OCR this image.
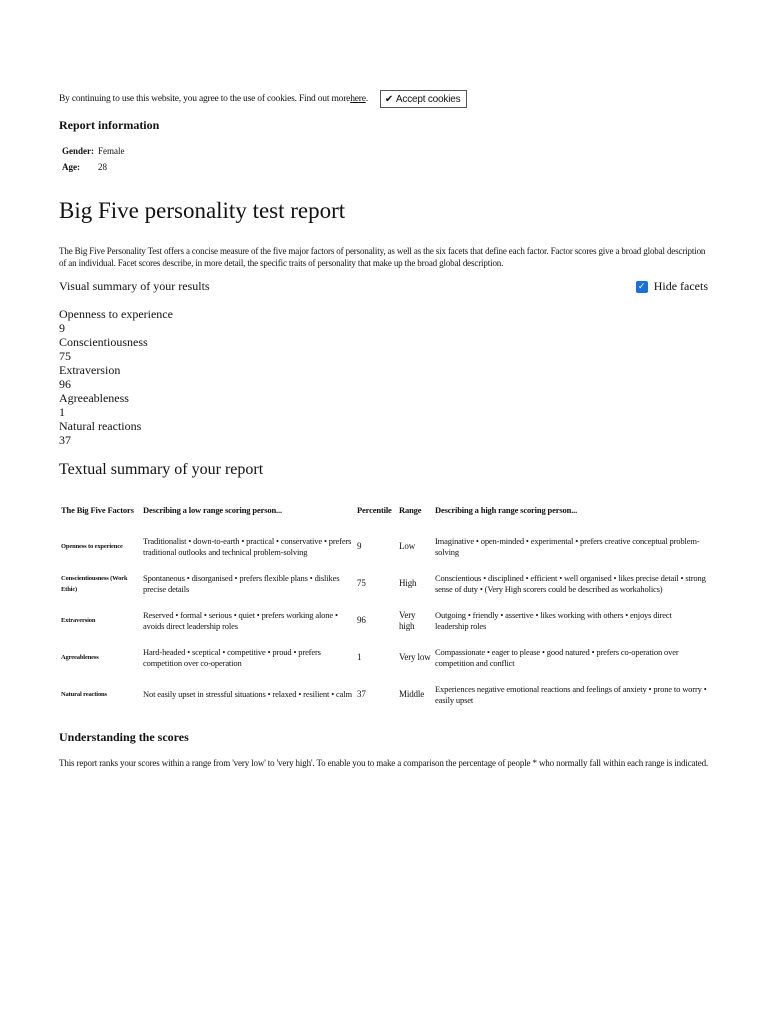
By continuing to use this website, you agree to the use of cookies. Find out more here . ✔ Accept cookies
Report information
Gender:	Female
Age:	28
Big Five personality test report

The Big Five Personality Test offers a concise measure of the five major factors of personality, as well as the six facets that define each factor. Factor scores give a broad global description of an individual. Facet scores describe, in more detail, the specific traits of personality that make up the broad global description.

Visual summary of your results	✓ Hide facets
Openness to experience
9
Conscientiousness
75
Extraversion
96
Agreeableness
1
Natural reactions
37
Textual summary of your report
The Big Five Factors	Describing a low range scoring person...	Percentile	Range	Describing a high range scoring person...
Openness to experience	Traditionalist • down-to-earth • practical • conservative • prefers traditional outlooks and technical problem-solving	9	Low	Imaginative • open-minded • experimental • prefers creative conceptual problem-solving
Conscientiousness (Work Ethic)	Spontaneous • disorganised • prefers flexible plans • dislikes precise details	75	High	Conscientious • disciplined • efficient • well organised • likes precise detail • strong sense of duty • (Very High scorers could be described as workaholics)
Extraversion	Reserved • formal • serious • quiet • prefers working alone • avoids direct leadership roles	96	Very high	Outgoing • friendly • assertive • likes working with others • enjoys direct leadership roles
Agreeableness	Hard-headed • sceptical • competitive • proud • prefers competition over co-operation	1	Very low	Compassionate • eager to please • good natured • prefers co-operation over competition and conflict
Natural reactions	Not easily upset in stressful situations • relaxed • resilient • calm	37	Middle	Experiences negative emotional reactions and feelings of anxiety • prone to worry • easily upset
Understanding the scores

This report ranks your scores within a range from 'very low' to 'very high'. To enable you to make a comparison the percentage of people * who normally fall within each range is indicated.
